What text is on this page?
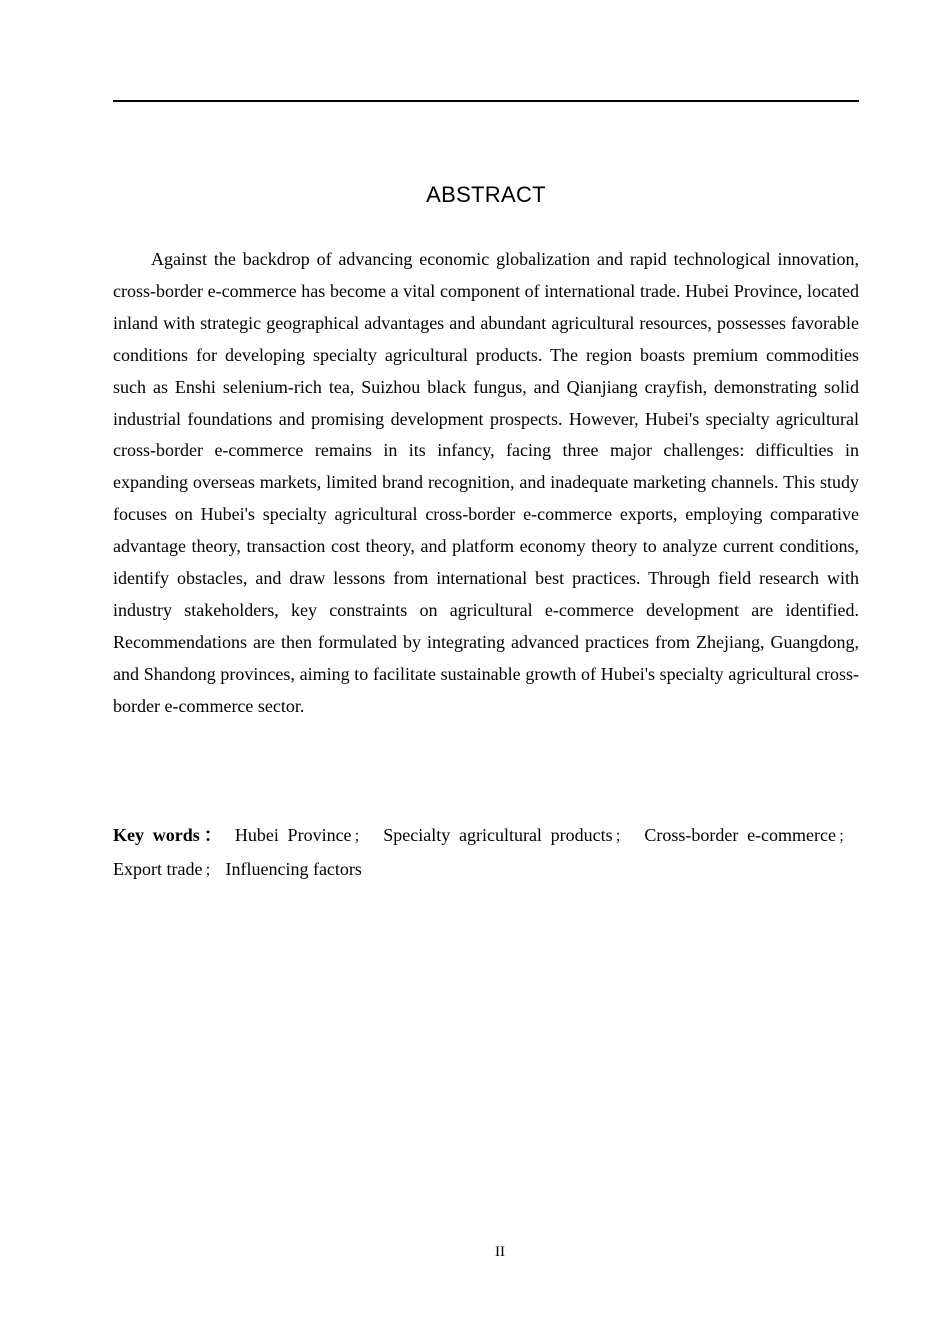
ABSTRACT

Against the backdrop of advancing economic globalization and rapid technological innovation, cross-border e-commerce has become a vital component of international trade. Hubei Province, located inland with strategic geographical advantages and abundant agricultural resources, possesses favorable conditions for developing specialty agricultural products. The region boasts premium commodities such as Enshi selenium-rich tea, Suizhou black fungus, and Qianjiang crayfish, demonstrating solid industrial foundations and promising development prospects. However, Hubei's specialty agricultural cross-border e-commerce remains in its infancy, facing three major challenges: difficulties in expanding overseas markets, limited brand recognition, and inadequate marketing channels. This study focuses on Hubei's specialty agricultural cross-border e-commerce exports, employing comparative advantage theory, transaction cost theory, and platform economy theory to analyze current conditions, identify obstacles, and draw lessons from international best practices. Through field research with industry stakeholders, key constraints on agricultural e-commerce development are identified. Recommendations are then formulated by integrating advanced practices from Zhejiang, Guangdong, and Shandong provinces, aiming to facilitate sustainable growth of Hubei's specialty agricultural cross-border e-commerce sector.

Key words： Hubei Province ； Specialty agricultural products ； Cross-border e-commerce ； Export trade ； Influencing factors

II
